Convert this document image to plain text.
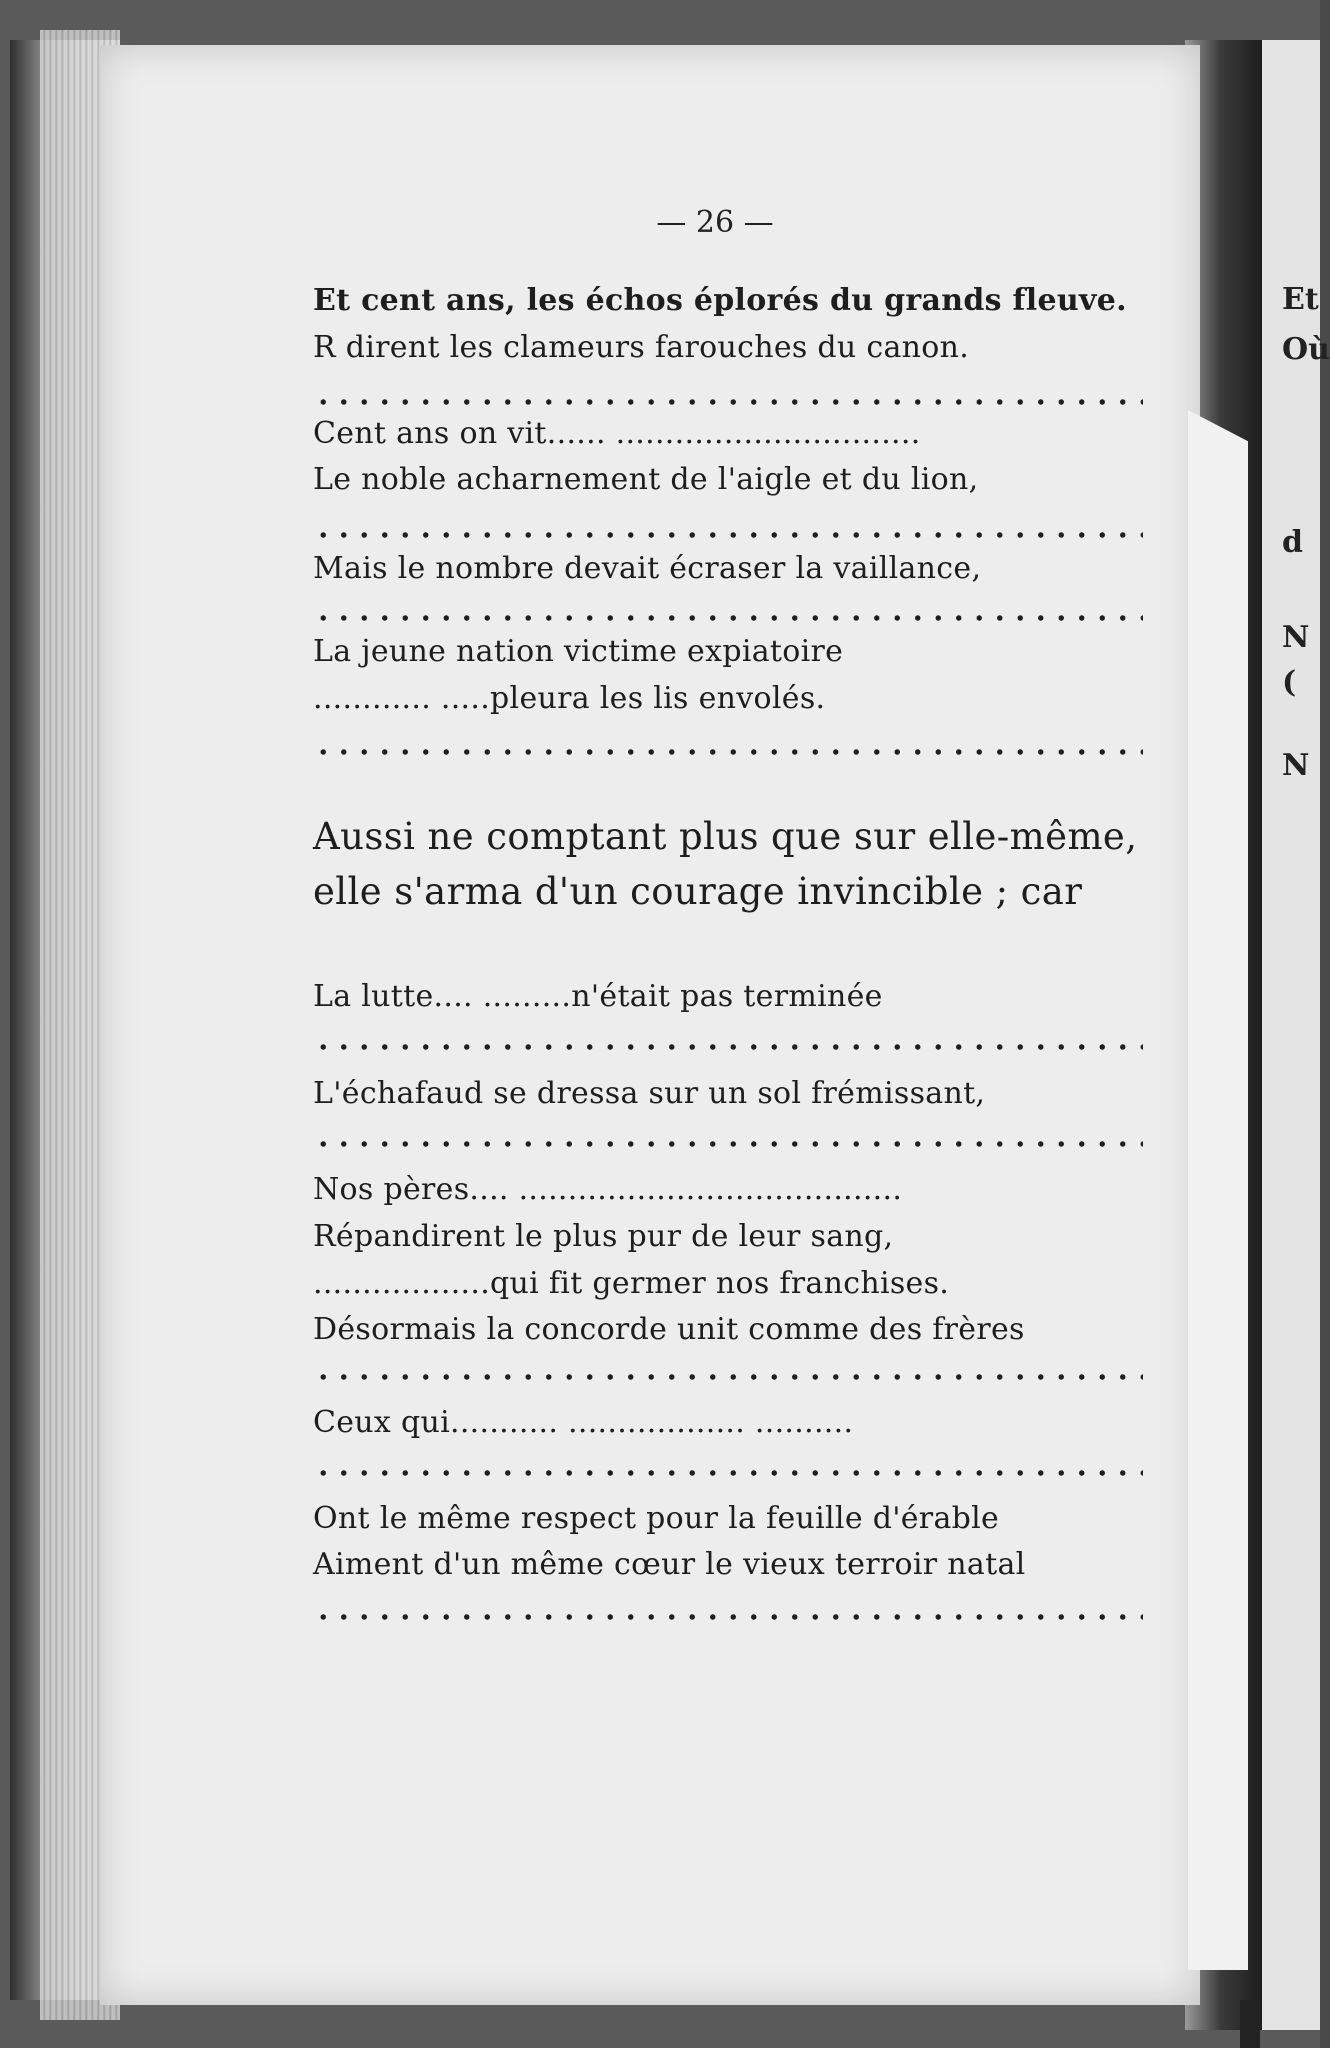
Et
Où
d
N
(
N
— 26 —
Et cent ans, les échos éplorés du grands fleuve.
R dirent les clameurs farouches du canon.
Cent ans on vit...... ...............................
Le noble acharnement de l'aigle et du lion,
Mais le nombre devait écraser la vaillance,
La jeune nation victime expiatoire
............ .....pleura les lis envolés.
Aussi ne comptant plus que sur elle-même,
elle s'arma d'un courage invincible ; car
La lutte.... .........n'était pas terminée
L'échafaud se dressa sur un sol frémissant,
Nos pères.... .......................................
Répandirent le plus pur de leur sang,
..................qui fit germer nos franchises.
Désormais la concorde unit comme des frères
Ceux qui........... .................. ..........
Ont le même respect pour la feuille d'érable
Aiment d'un même cœur le vieux terroir natal
